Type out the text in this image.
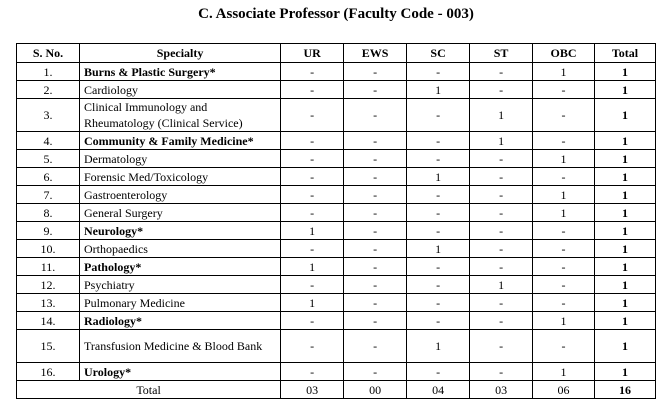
C. Associate Professor (Faculty Code - 003)
S. No.	Specialty	UR	EWS	SC	ST	OBC	Total
1.	Burns & Plastic Surgery*	-	-	-	-	1	1
2.	Cardiology	-	-	1	-	-	1
3.	Clinical Immunology and Rheumatology (Clinical Service)	-	-	-	1	-	1
4.	Community & Family Medicine*	-	-	-	1	-	1
5.	Dermatology	-	-	-	-	1	1
6.	Forensic Med/Toxicology	-	-	1	-	-	1
7.	Gastroenterology	-	-	-	-	1	1
8.	General Surgery	-	-	-	-	1	1
9.	Neurology*	1	-	-	-	-	1
10.	Orthopaedics	-	-	1	-	-	1
11.	Pathology*	1	-	-	-	-	1
12.	Psychiatry	-	-	-	1	-	1
13.	Pulmonary Medicine	1	-	-	-	-	1
14.	Radiology*	-	-	-	-	1	1
15.	Transfusion Medicine & Blood Bank	-	-	1	-	-	1
16.	Urology*	-	-	-	-	1	1
Total		03	00	04	03	06	16
